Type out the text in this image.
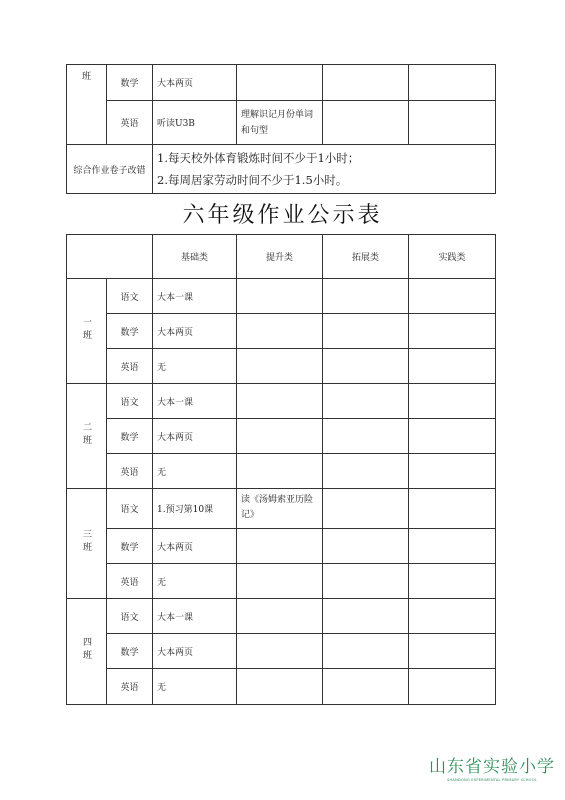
班	数学	大本两页			
	英语	听读U3B	理解识记月份单词和句型		
综合作业卷子改错		1.每天校外体育锻炼时间不少于1小时；
2.每周居家劳动时间不少于1.5小时。			
六年级作业公示表
		基础类	提升类	拓展类	实践类
一班	语文	大本一课			
	数学	大本两页			
	英语	无			
二班	语文	大本一课			
	数学	大本两页			
	英语	无			
三班	语文	1.预习第10课	读《汤姆索亚历险记》		
	数学	大本两页			
	英语	无			
四班	语文	大本一课			
	数学	大本两页			
	英语	无			
山东省实验小学
SHANDONG EXPERIMENTAL PRIMARY SCHOOL
